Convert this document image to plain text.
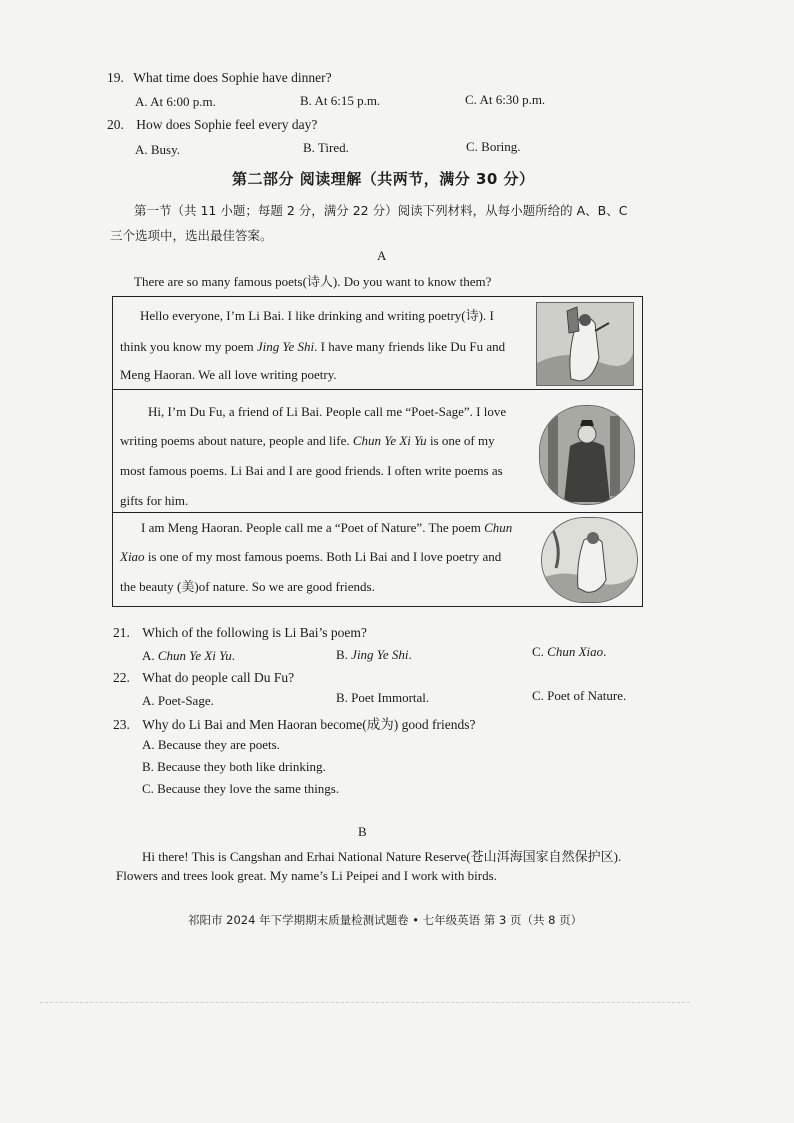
19. What time does Sophie have dinner?
A. At 6:00 p.m.	B. At 6:15 p.m.	C. At 6:30 p.m.
20. How does Sophie feel every day?
A. Busy.	B. Tired.	C. Boring.
第二部分 阅读理解（共两节，满分 30 分）
第一节（共 11 小题；每题 2 分，满分 22 分）阅读下列材料，从每小题所给的 A、B、C
三个选项中，选出最佳答案。
A
There are so many famous poets(诗人). Do you want to know them?
Hello everyone, I’m Li Bai. I like drinking and writing poetry(诗). I
think you know my poem Jing Ye Shi. I have many friends like Du Fu and
Meng Haoran. We all love writing poetry.
Hi, I’m Du Fu, a friend of Li Bai. People call me “Poet-Sage”. I love
writing poems about nature, people and life. Chun Ye Xi Yu is one of my
most famous poems. Li Bai and I are good friends. I often write poems as
gifts for him.
I am Meng Haoran. People call me a “Poet of Nature”. The poem Chun
Xiao is one of my most famous poems. Both Li Bai and I love poetry and
the beauty (美)of nature. So we are good friends.
21. Which of the following is Li Bai’s poem?
A. Chun Ye Xi Yu.	B. Jing Ye Shi.	C. Chun Xiao.
22. What do people call Du Fu?
A. Poet-Sage.	B. Poet Immortal.	C. Poet of Nature.
23. Why do Li Bai and Men Haoran become(成为) good friends?
A. Because they are poets.
B. Because they both like drinking.
C. Because they love the same things.
B
Hi there! This is Cangshan and Erhai National Nature Reserve(苍山洱海国家自然保护区).
Flowers and trees look great. My name’s Li Peipei and I work with birds.
祁阳市 2024 年下学期期末质量检测试题卷 • 七年级英语 第 3 页（共 8 页）
